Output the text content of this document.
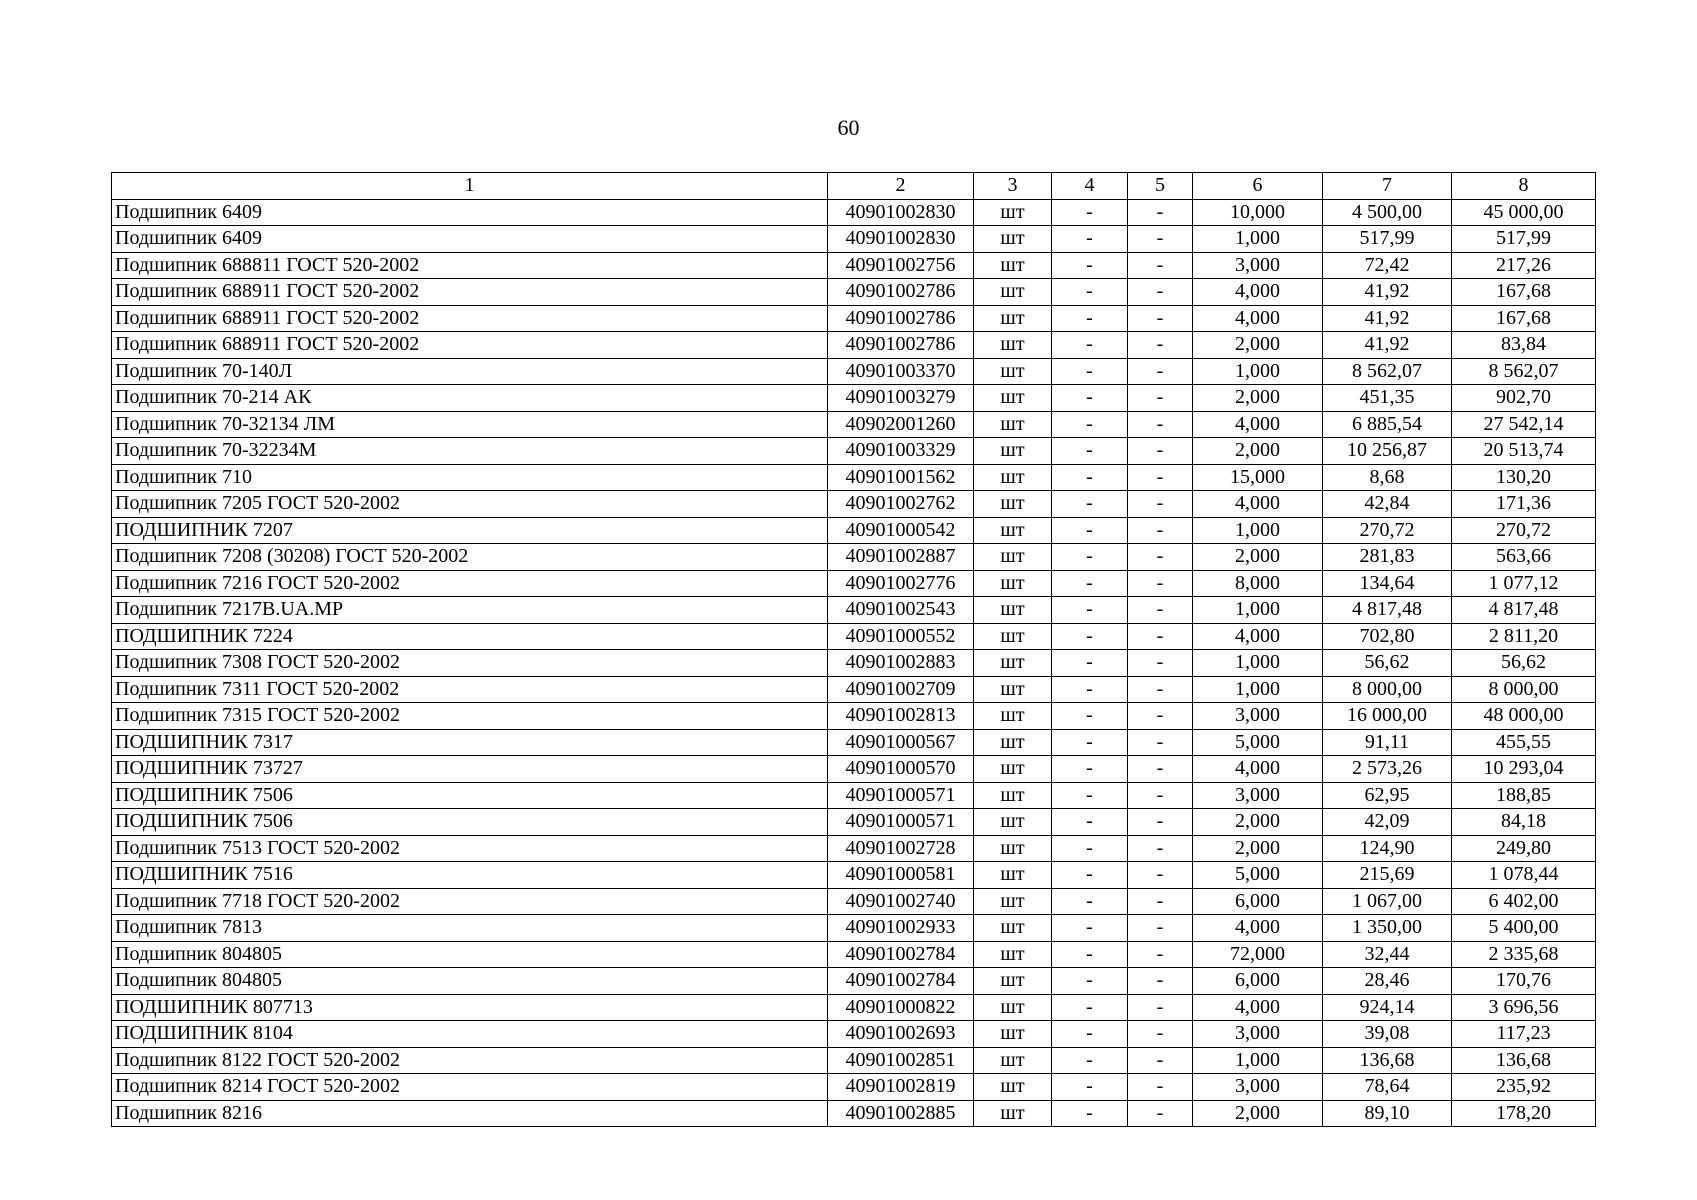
60
1	2	3	4	5	6	7	8
Подшипник 6409	40901002830	шт	-	-	10,000	4 500,00	45 000,00
Подшипник 6409	40901002830	шт	-	-	1,000	517,99	517,99
Подшипник 688811 ГОСТ 520-2002	40901002756	шт	-	-	3,000	72,42	217,26
Подшипник 688911 ГОСТ 520-2002	40901002786	шт	-	-	4,000	41,92	167,68
Подшипник 688911 ГОСТ 520-2002	40901002786	шт	-	-	4,000	41,92	167,68
Подшипник 688911 ГОСТ 520-2002	40901002786	шт	-	-	2,000	41,92	83,84
Подшипник 70-140Л	40901003370	шт	-	-	1,000	8 562,07	8 562,07
Подшипник 70-214 АК	40901003279	шт	-	-	2,000	451,35	902,70
Подшипник 70-32134 ЛМ	40902001260	шт	-	-	4,000	6 885,54	27 542,14
Подшипник 70-32234М	40901003329	шт	-	-	2,000	10 256,87	20 513,74
Подшипник 710	40901001562	шт	-	-	15,000	8,68	130,20
Подшипник 7205 ГОСТ 520-2002	40901002762	шт	-	-	4,000	42,84	171,36
ПОДШИПНИК 7207	40901000542	шт	-	-	1,000	270,72	270,72
Подшипник 7208 (30208) ГОСТ 520-2002	40901002887	шт	-	-	2,000	281,83	563,66
Подшипник 7216 ГОСТ 520-2002	40901002776	шт	-	-	8,000	134,64	1 077,12
Подшипник 7217B.UA.MP	40901002543	шт	-	-	1,000	4 817,48	4 817,48
ПОДШИПНИК 7224	40901000552	шт	-	-	4,000	702,80	2 811,20
Подшипник 7308 ГОСТ 520-2002	40901002883	шт	-	-	1,000	56,62	56,62
Подшипник 7311 ГОСТ 520-2002	40901002709	шт	-	-	1,000	8 000,00	8 000,00
Подшипник 7315 ГОСТ 520-2002	40901002813	шт	-	-	3,000	16 000,00	48 000,00
ПОДШИПНИК 7317	40901000567	шт	-	-	5,000	91,11	455,55
ПОДШИПНИК 73727	40901000570	шт	-	-	4,000	2 573,26	10 293,04
ПОДШИПНИК 7506	40901000571	шт	-	-	3,000	62,95	188,85
ПОДШИПНИК 7506	40901000571	шт	-	-	2,000	42,09	84,18
Подшипник 7513 ГОСТ 520-2002	40901002728	шт	-	-	2,000	124,90	249,80
ПОДШИПНИК 7516	40901000581	шт	-	-	5,000	215,69	1 078,44
Подшипник 7718 ГОСТ 520-2002	40901002740	шт	-	-	6,000	1 067,00	6 402,00
Подшипник 7813	40901002933	шт	-	-	4,000	1 350,00	5 400,00
Подшипник 804805	40901002784	шт	-	-	72,000	32,44	2 335,68
Подшипник 804805	40901002784	шт	-	-	6,000	28,46	170,76
ПОДШИПНИК 807713	40901000822	шт	-	-	4,000	924,14	3 696,56
ПОДШИПНИК 8104	40901002693	шт	-	-	3,000	39,08	117,23
Подшипник 8122 ГОСТ 520-2002	40901002851	шт	-	-	1,000	136,68	136,68
Подшипник 8214 ГОСТ 520-2002	40901002819	шт	-	-	3,000	78,64	235,92
Подшипник 8216	40901002885	шт	-	-	2,000	89,10	178,20
